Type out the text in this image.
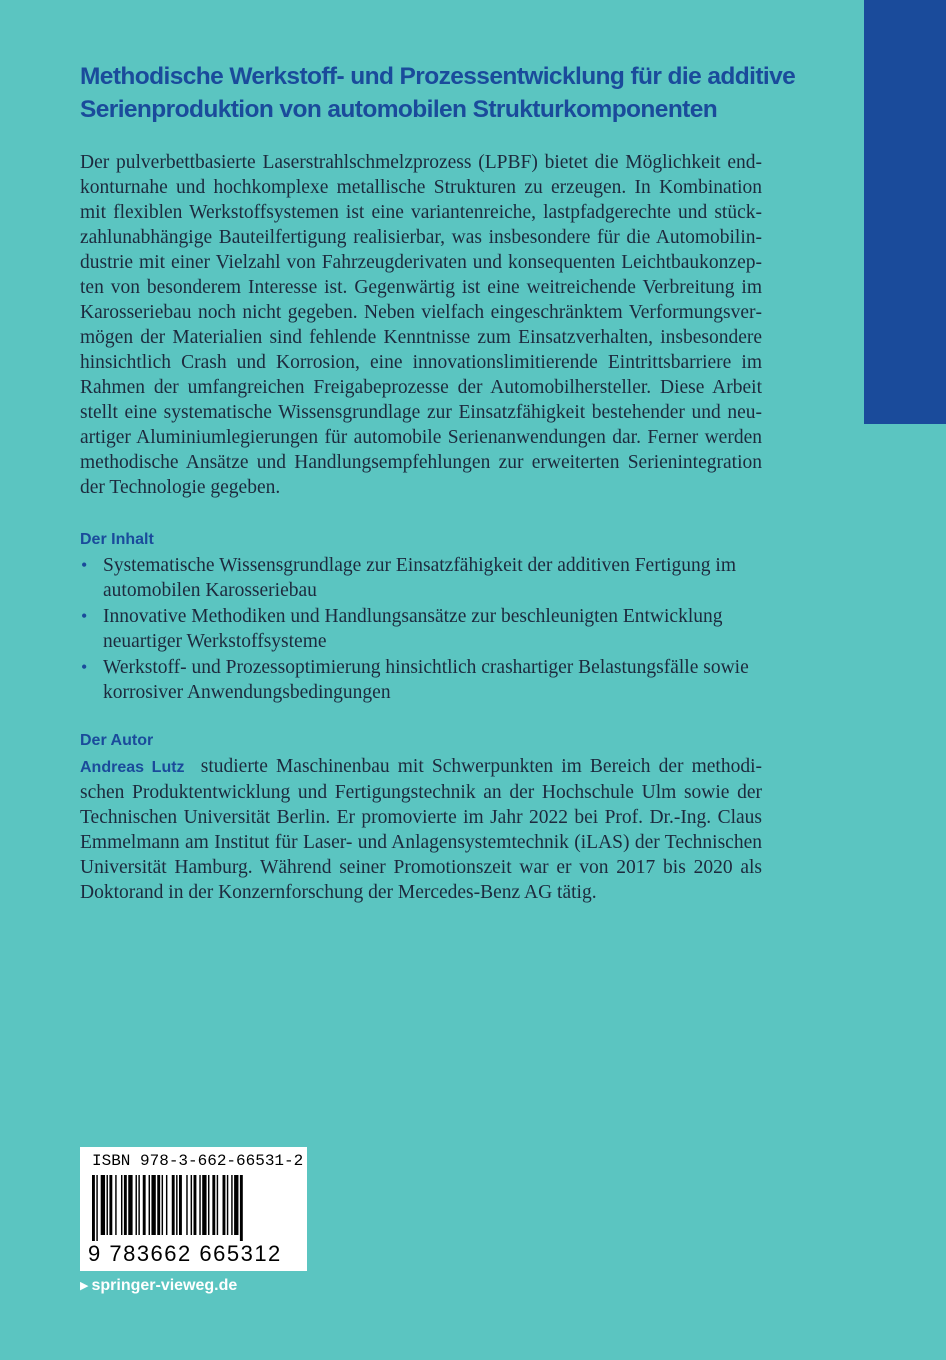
Methodische Werkstoff- und Prozessentwicklung für die additive
Serienproduktion von automobilen Strukturkomponenten
Der pulverbettbasierte Laserstrahlschmelzprozess (LPBF) bietet die Möglichkeit endkonturnahe und hochkomplexe metallische Strukturen zu erzeugen. In Kombination mit flexiblen Werkstoffsystemen ist eine variantenreiche, lastpfadgerechte und stückzahlunabhängige Bauteilfertigung realisierbar, was insbesondere für die Automobilindustrie mit einer Vielzahl von Fahrzeugderivaten und konsequenten Leichtbaukonzepten von besonderem Interesse ist. Gegenwärtig ist eine weitreichende Verbreitung im Karosseriebau noch nicht gegeben. Neben vielfach eingeschränktem Verformungsvermögen der Materialien sind fehlende Kenntnisse zum Einsatzverhalten, insbesondere hinsichtlich Crash und Korrosion, eine innovationslimitierende Eintrittsbarriere im Rahmen der umfangreichen Freigabeprozesse der Automobilhersteller. Diese Arbeit stellt eine systematische Wissensgrundlage zur Einsatzfähigkeit bestehender und neuartiger Aluminiumlegierungen für automobile Serienanwendungen dar. Ferner werden methodische Ansätze und Handlungsempfehlungen zur erweiterten Serienintegration der Technologie gegeben.
Der Inhalt
• Systematische Wissensgrundlage zur Einsatzfähigkeit der additiven Fertigung im automobilen Karosseriebau
• Innovative Methodiken und Handlungsansätze zur beschleunigten Entwicklung neuartiger Werkstoffsysteme
• Werkstoff- und Prozessoptimierung hinsichtlich crashartiger Belastungsfälle sowie korrosiver Anwendungsbedingungen
Der Autor
Andreas Lutz studierte Maschinenbau mit Schwerpunkten im Bereich der methodischen Produktentwicklung und Fertigungstechnik an der Hochschule Ulm sowie der Technischen Universität Berlin. Er promovierte im Jahr 2022 bei Prof. Dr.-Ing. Claus Emmelmann am Institut für Laser- und Anlagensystemtechnik (iLAS) der Technischen Universität Hamburg. Während seiner Promotionszeit war er von 2017 bis 2020 als Doktorand in der Konzernforschung der Mercedes-Benz AG tätig.
ISBN 978-3-662-66531-2
9 783662 665312
▶ springer-vieweg.de
